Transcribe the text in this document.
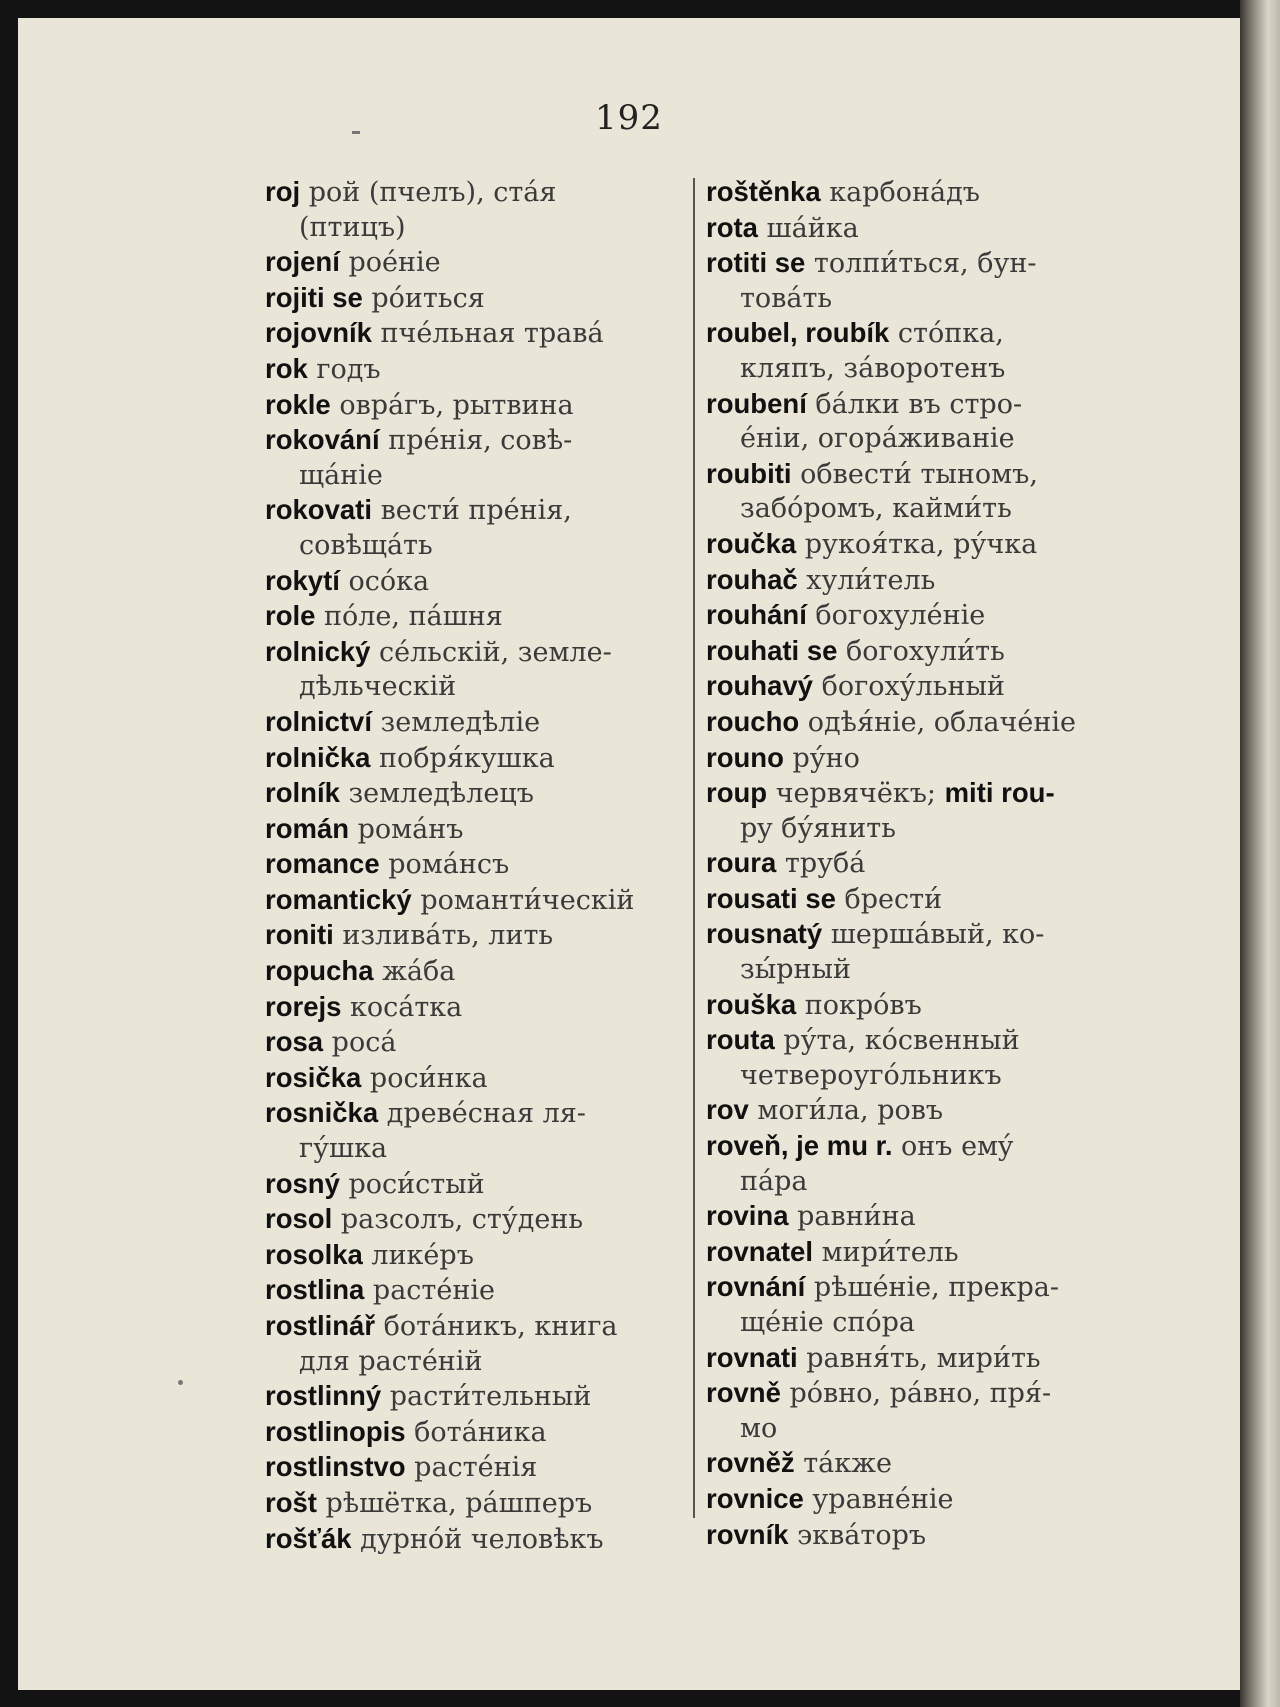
192

roj рой (пчелъ), стáя
(птицъ)

rojení роéніе

rojiti se рóиться

rojovník пчéльная травá

rok годъ

rokle оврáгъ, рытвина

rokování прéнія, совѣ-
щáніе

rokovati вести́ прéнія,
совѣщáть

rokytí осóка

role пóле, пáшня

rolnický сéльскій, земле-
дѣльческій

rolnictví земледѣліе

rolnička побря́кушка

rolník земледѣлецъ

román ромáнъ

romance ромáнсъ

romantický романти́ческій

roniti изливáть, лить

ropucha жáба

rorejs косáтка

rosa росá

rosička роси́нка

rosnička древéсная ля-
гу́шка

rosný роси́стый

rosol разсолъ, сту́день

rosolka ликéръ

rostlina растéніе

rostlinář ботáникъ, книга
для растéній

rostlinný расти́тельный

rostlinopis ботáника

rostlinstvo растéнія

rošt рѣшётка, рáшперъ

rošťák дурнóй человѣкъ

roštěnka карбонáдъ

rota шáйка

rotiti se толпи́ться, бун-
товáть

roubel, roubík стóпка,
кляпъ, зáворотенъ

roubení бáлки въ стро-
éніи, огорáживаніе

roubiti обвести́ тыномъ,
забóромъ, кайми́ть

roučka рукоя́тка, ру́чка

rouhač хули́тель

rouhání богохулéніе

rouhati se богохули́ть

rouhavý богоху́льный

roucho одѣя́ніе, облачéніе

rouno ру́но

roup червячёкъ; miti rou-
py бу́янить

roura трубá

rousati se брести́

rousnatý шершáвый, ко-
зы́рный

rouška покрóвъ

routa ру́та, кóсвенный
четвероугóльникъ

rov моги́ла, ровъ

roveň, je mu r. онъ емý
пáра

rovina равни́на

rovnatel мири́тель

rovnání рѣшéніе, прекра-
щéніе спóра

rovnati равня́ть, мири́ть

rovně рóвно, рáвно, пря́-
мо

rovněž тáкже

rovnice уравнéніе

rovník эквáторъ
